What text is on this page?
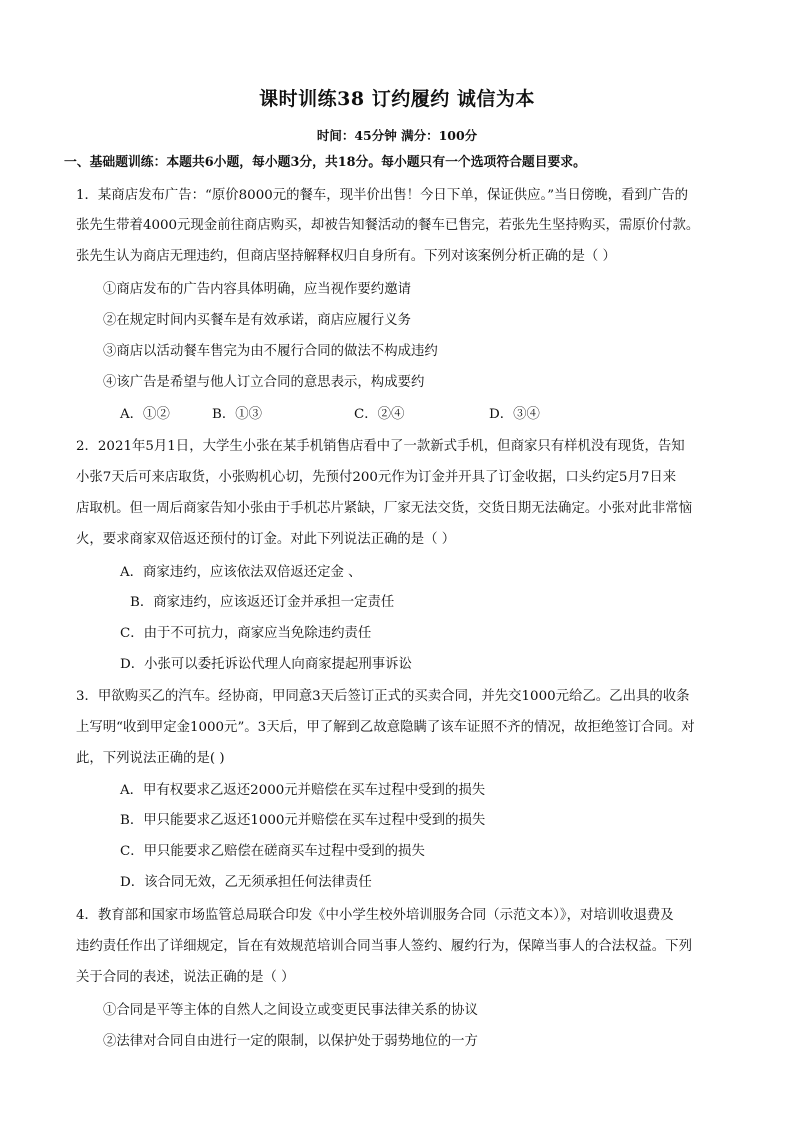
课时训练38 订约履约 诚信为本
时间：45分钟 满分：100分
一、基础题训练：本题共6小题，每小题3分，共18分。每小题只有一个选项符合题目要求。
1．某商店发布广告：“原价8000元的餐车，现半价出售！今日下单，保证供应。”当日傍晚，看到广告的
张先生带着4000元现金前往商店购买，却被告知餐活动的餐车已售完，若张先生坚持购买，需原价付款。
张先生认为商店无理违约，但商店坚持解释权归自身所有。下列对该案例分析正确的是（ ）
①商店发布的广告内容具体明确，应当视作要约邀请
②在规定时间内买餐车是有效承诺，商店应履行义务
③商店以活动餐车售完为由不履行合同的做法不构成违约
④该广告是希望与他人订立合同的意思表示，构成要约
A．①②	B．①③	C．②④	D．③④
2．2021年5月1日，大学生小张在某手机销售店看中了一款新式手机，但商家只有样机没有现货，告知
小张7天后可来店取货，小张购机心切，先预付200元作为订金并开具了订金收据，口头约定5月7日来
店取机。但一周后商家告知小张由于手机芯片紧缺，厂家无法交货，交货日期无法确定。小张对此非常恼
火，要求商家双倍返还预付的订金。对此下列说法正确的是（ ）
A．商家违约，应该依法双倍返还定金 、
B．商家违约，应该返还订金并承担一定责任
C．由于不可抗力，商家应当免除违约责任
D．小张可以委托诉讼代理人向商家提起刑事诉讼
3．甲欲购买乙的汽车。经协商，甲同意3天后签订正式的买卖合同，并先交1000元给乙。乙出具的收条
上写明“收到甲定金1000元”。3天后，甲了解到乙故意隐瞒了该车证照不齐的情况，故拒绝签订合同。对
此，下列说法正确的是( )
A．甲有权要求乙返还2000元并赔偿在买车过程中受到的损失
B．甲只能要求乙返还1000元并赔偿在买车过程中受到的损失
C．甲只能要求乙赔偿在磋商买车过程中受到的损失
D．该合同无效，乙无须承担任何法律责任
4．教育部和国家市场监管总局联合印发《中小学生校外培训服务合同（示范文本）》，对培训收退费及
违约责任作出了详细规定，旨在有效规范培训合同当事人签约、履约行为，保障当事人的合法权益。下列
关于合同的表述，说法正确的是（ ）
①合同是平等主体的自然人之间设立或变更民事法律关系的协议
②法律对合同自由进行一定的限制，以保护处于弱势地位的一方
